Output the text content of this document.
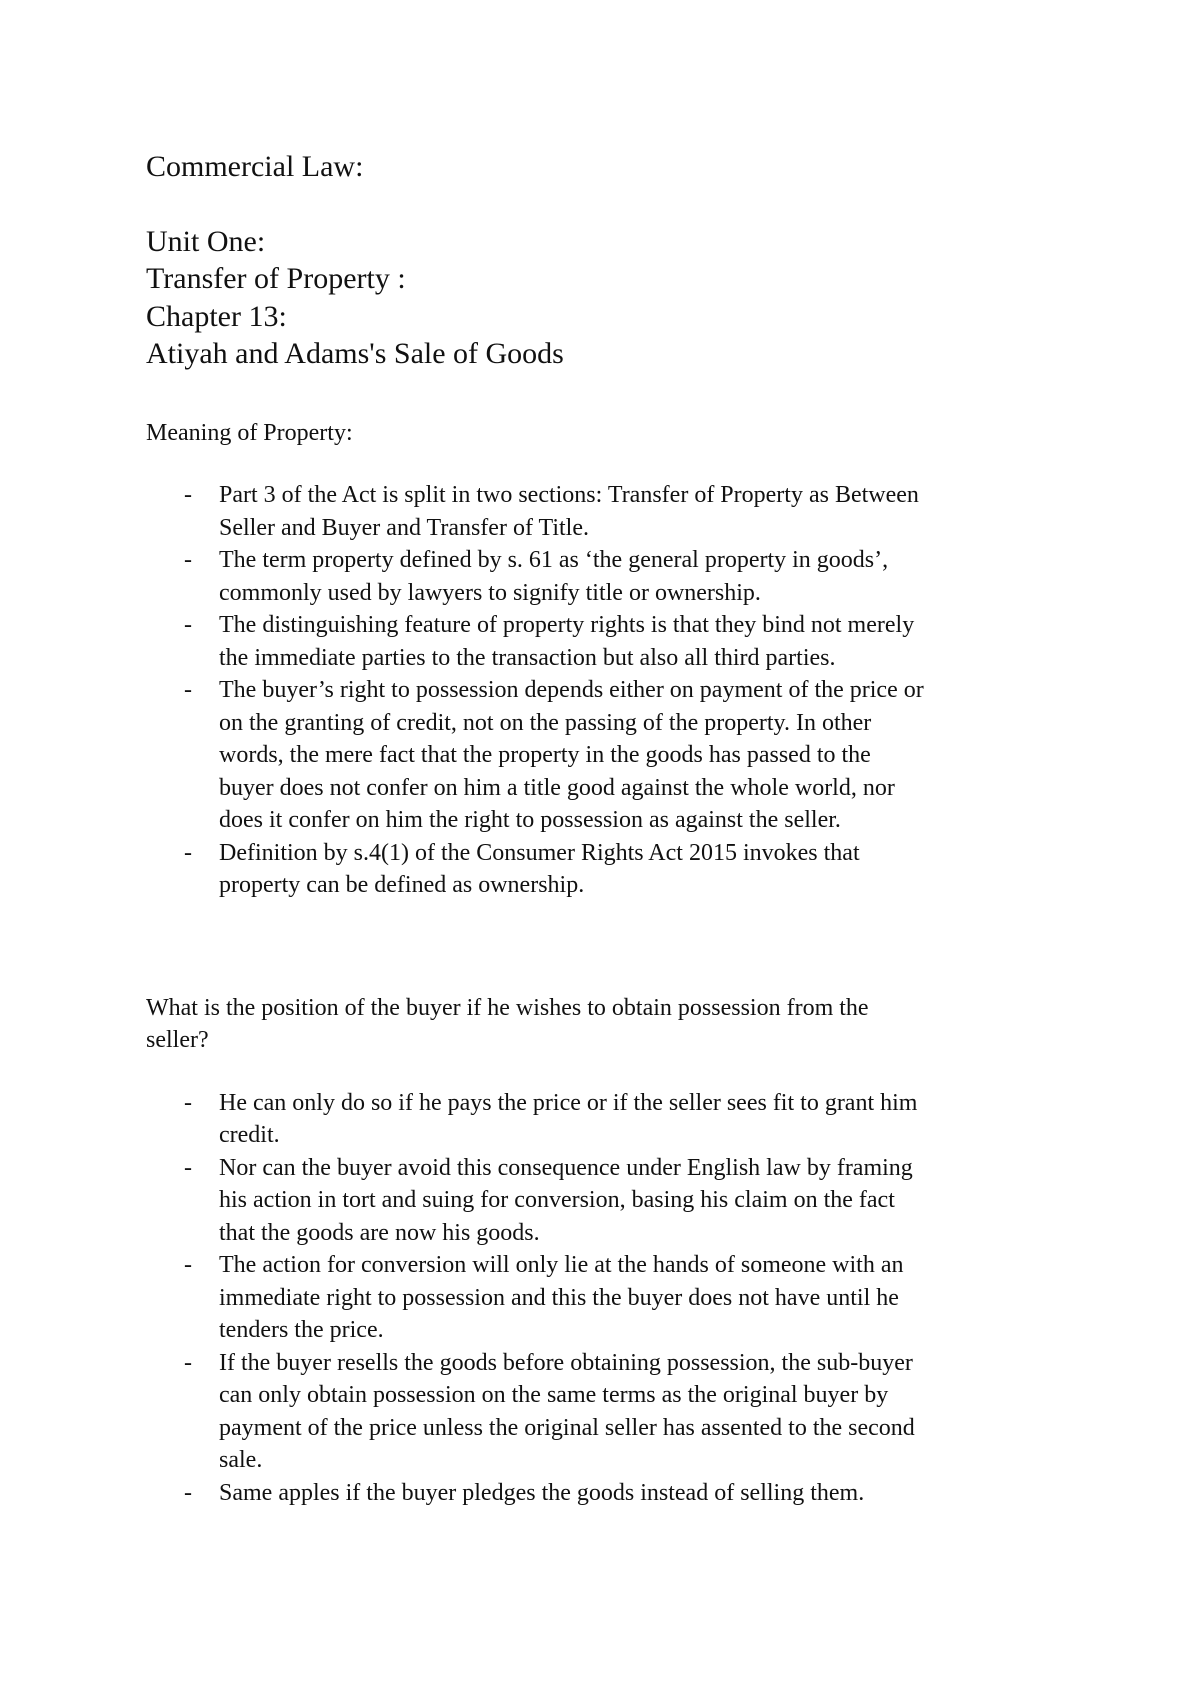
Commercial Law:
Unit One:
Transfer of Property :
Chapter 13:
Atiyah and Adams's Sale of Goods
Meaning of Property:
- Part 3 of the Act is split in two sections: Transfer of Property as Between
Seller and Buyer and Transfer of Title.
- The term property defined by s. 61 as ‘the general property in goods’,
commonly used by lawyers to signify title or ownership.
- The distinguishing feature of property rights is that they bind not merely
the immediate parties to the transaction but also all third parties.
- The buyer’s right to possession depends either on payment of the price or
on the granting of credit, not on the passing of the property. In other
words, the mere fact that the property in the goods has passed to the
buyer does not confer on him a title good against the whole world, nor
does it confer on him the right to possession as against the seller.
- Definition by s.4(1) of the Consumer Rights Act 2015 invokes that
property can be defined as ownership.
What is the position of the buyer if he wishes to obtain possession from the
seller?
- He can only do so if he pays the price or if the seller sees fit to grant him
credit.
- Nor can the buyer avoid this consequence under English law by framing
his action in tort and suing for conversion, basing his claim on the fact
that the goods are now his goods.
- The action for conversion will only lie at the hands of someone with an
immediate right to possession and this the buyer does not have until he
tenders the price.
- If the buyer resells the goods before obtaining possession, the sub-buyer
can only obtain possession on the same terms as the original buyer by
payment of the price unless the original seller has assented to the second
sale.
- Same apples if the buyer pledges the goods instead of selling them.
